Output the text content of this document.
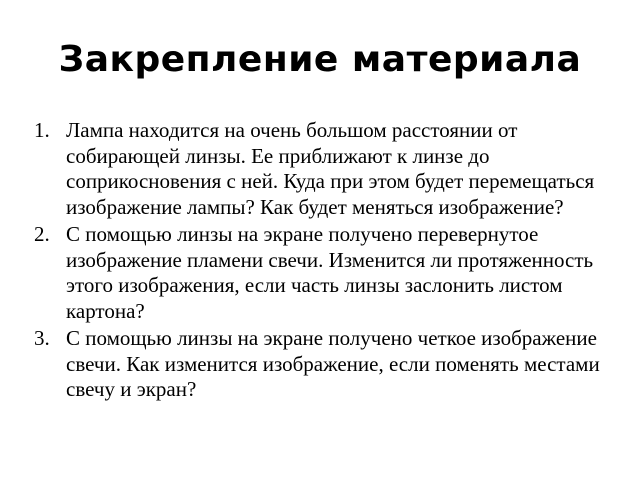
Закрепление материала
1. Лампа находится на очень большом расстоянии от собирающей линзы. Ее приближают к линзе до соприкосновения с ней. Куда при этом будет перемещаться изображение лампы? Как будет меняться изображение?
2. С помощью линзы на экране получено перевернутое изображение пламени свечи. Изменится ли протяженность этого изображения, если часть линзы заслонить листом картона?
3. С помощью линзы на экране получено четкое изображение свечи. Как изменится изображение, если поменять местами свечу и экран?
